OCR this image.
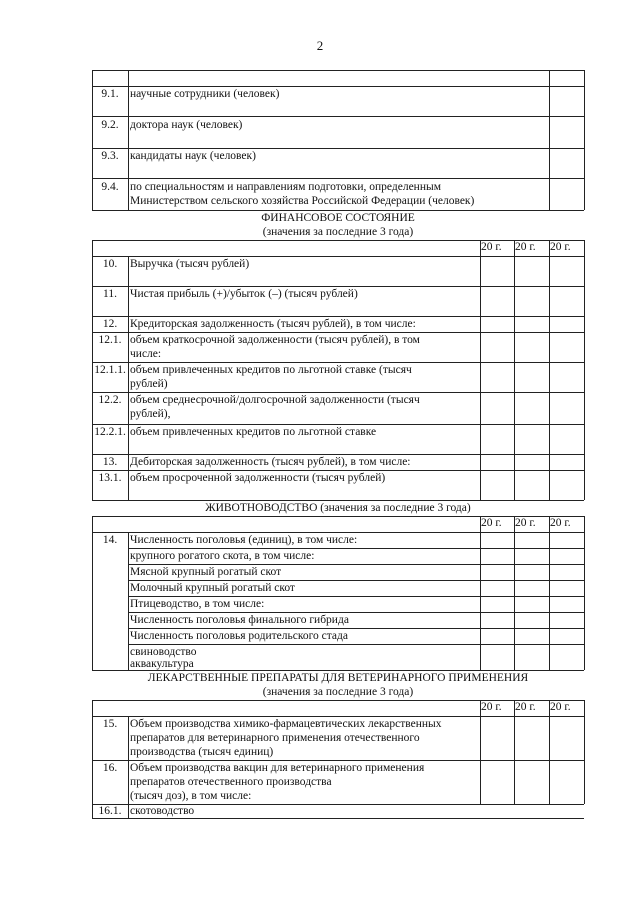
2
9.1. научные сотрудники (человек)
9.2. доктора наук (человек)
9.3. кандидаты наук (человек)
9.4. по специальностям и направлениям подготовки, определенным
Министерством сельского хозяйства Российской Федерации (человек)
ФИНАНСОВОЕ СОСТОЯНИЕ
(значения за последние 3 года)
20 г. 20 г. 20 г.
10.	Выручка (тысяч рублей)
11.	Чистая прибыль (+)/убыток (–) (тысяч рублей)
12.	Кредиторская задолженность (тысяч рублей), в том числе:
12.1. объем краткосрочной задолженности (тысяч рублей), в том
числе:
12.1.1. объем привлеченных кредитов по льготной ставке (тысяч
рублей)
12.2. объем среднесрочной/долгосрочной задолженности (тысяч
рублей),
12.2.1. объем привлеченных кредитов по льготной ставке
13.	Дебиторская задолженность (тысяч рублей), в том числе:
13.1. объем просроченной задолженности (тысяч рублей)
ЖИВОТНОВОДСТВО (значения за последние 3 года)
20 г. 20 г. 20 г.
14.	Численность поголовья (единиц), в том числе:
крупного рогатого скота, в том числе:
Мясной крупный рогатый скот
Молочный крупный рогатый скот
Птицеводство, в том числе:
Численность поголовья финального гибрида
Численность поголовья родительского стада
свиноводство
аквакультура
ЛЕКАРСТВЕННЫЕ ПРЕПАРАТЫ ДЛЯ ВЕТЕРИНАРНОГО ПРИМЕНЕНИЯ
(значения за последние 3 года)
20 г. 20 г. 20 г.
15.	Объем производства химико-фармацевтических лекарственных
препаратов для ветеринарного применения отечественного
производства (тысяч единиц)
16.	Объем производства вакцин для ветеринарного применения
препаратов отечественного производства
(тысяч доз), в том числе:
16.1. скотоводство
